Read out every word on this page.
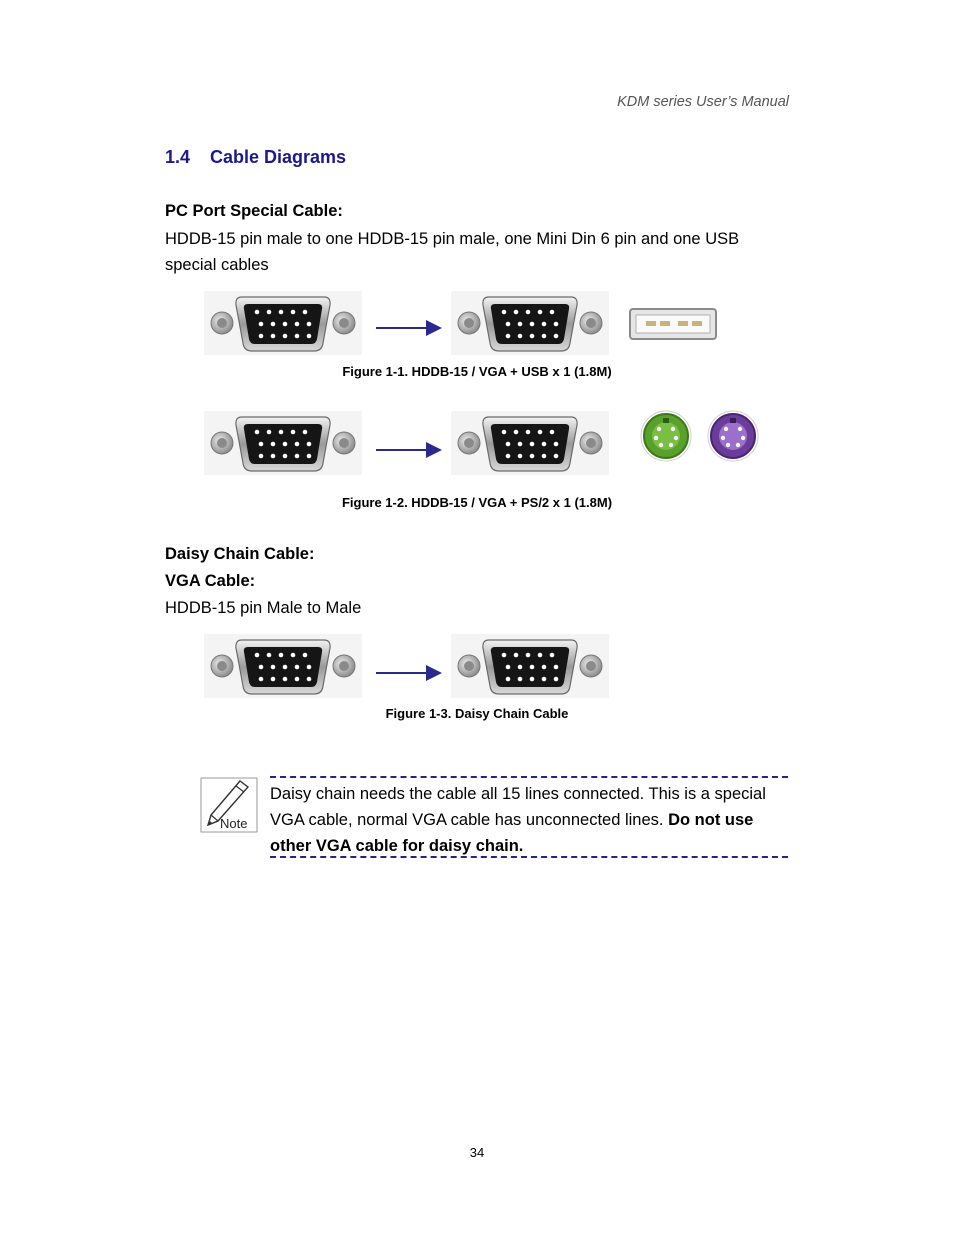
KDM series User’s Manual
1.4 Cable Diagrams
PC Port Special Cable:
HDDB-15 pin male to one HDDB-15 pin male, one Mini Din 6 pin and one USB
special cables
Figure 1-1. HDDB-15 / VGA + USB x 1 (1.8M)
Figure 1-2. HDDB-15 / VGA + PS/2 x 1 (1.8M)
Daisy Chain Cable:
VGA Cable:
HDDB-15 pin Male to Male
Figure 1-3. Daisy Chain Cable
Note
Daisy chain needs the cable all 15 lines connected. This is a special VGA cable, normal VGA cable has unconnected lines. Do not use other VGA cable for daisy chain.
34
